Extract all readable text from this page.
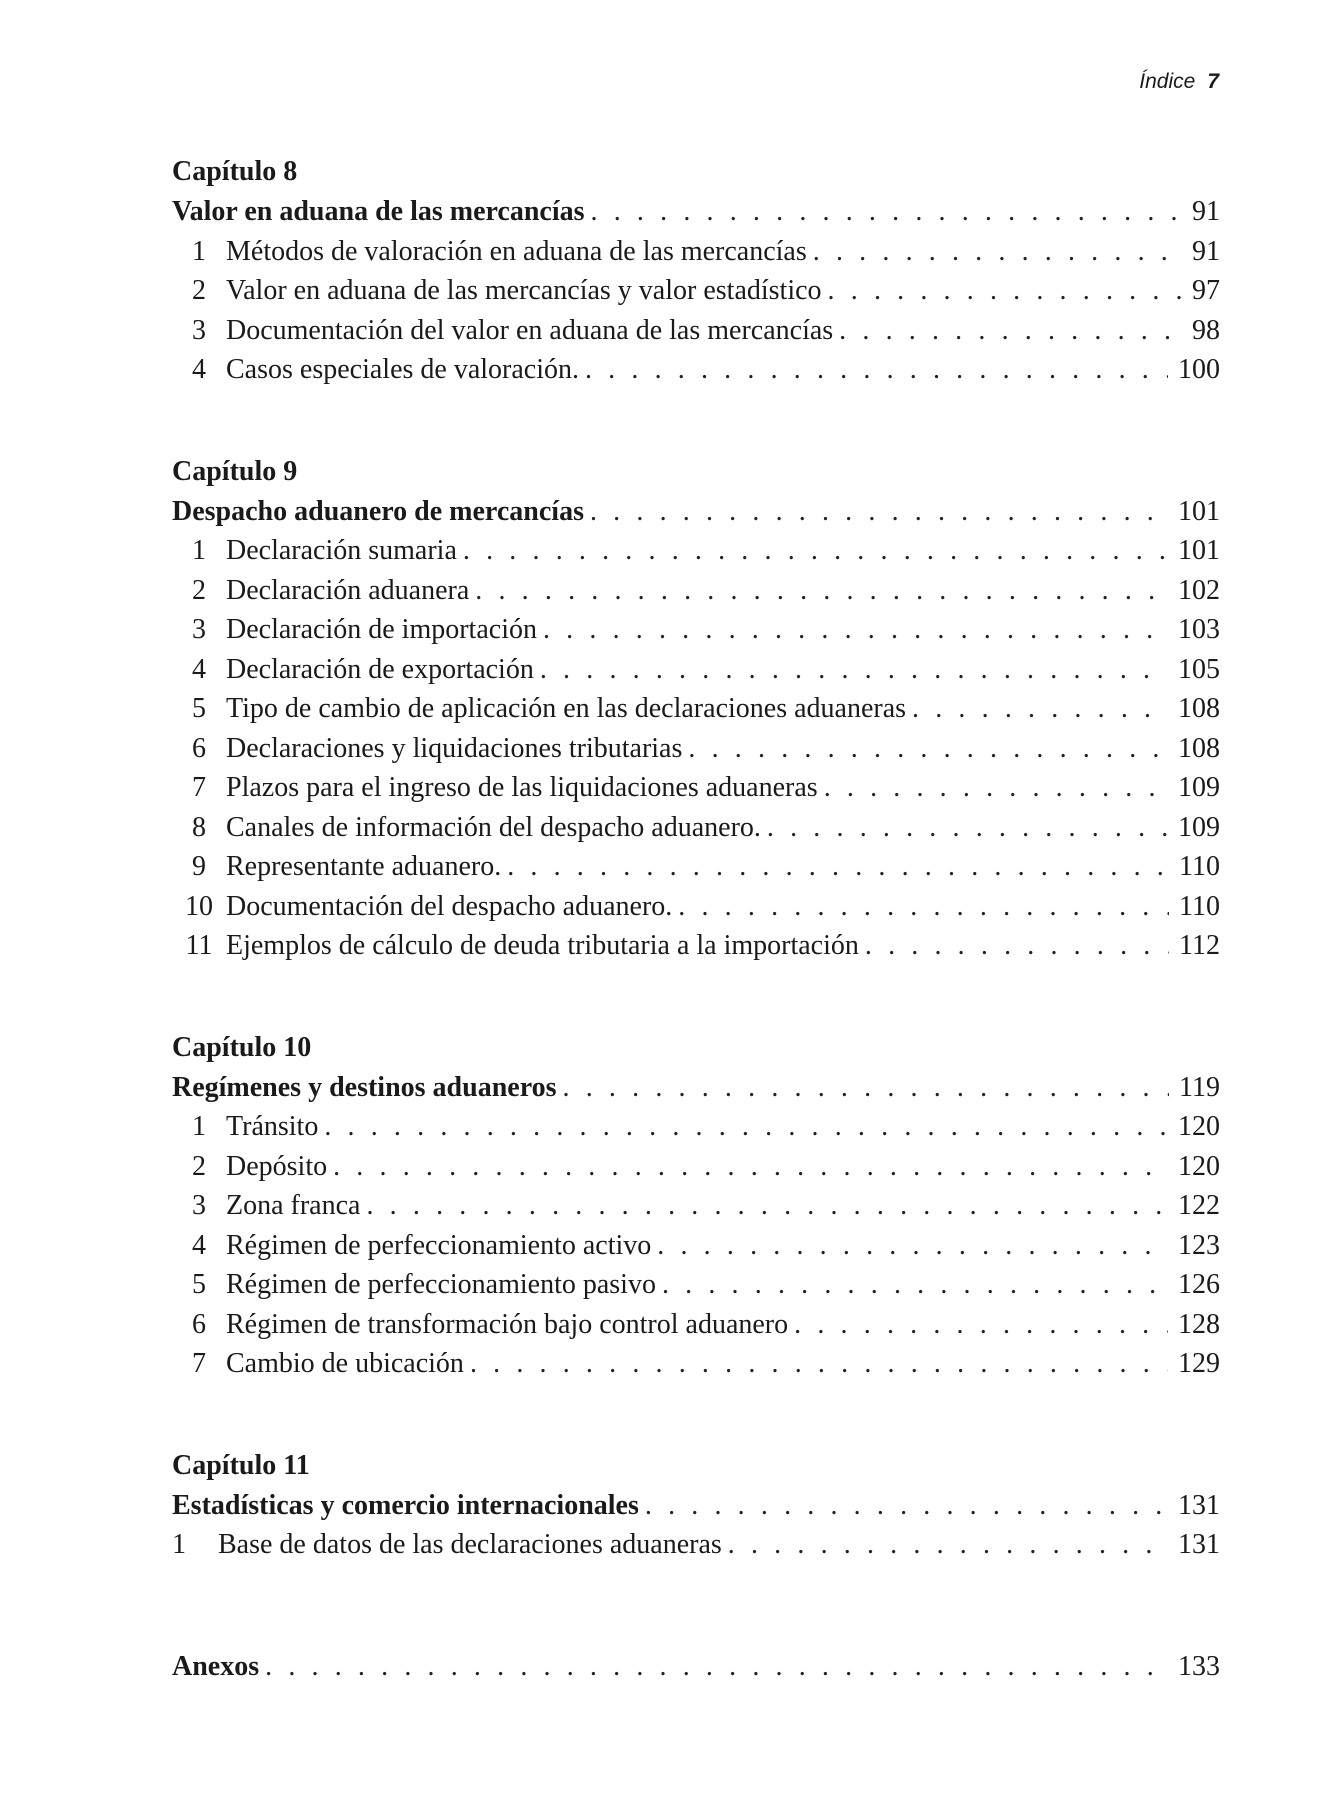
Índice 7
Capítulo 8
Valor en aduana de las mercancías . . .	91
1 Métodos de valoración en aduana de las mercancías . . .	91
2 Valor en aduana de las mercancías y valor estadístico . . .	97
3 Documentación del valor en aduana de las mercancías . . .	98
4 Casos especiales de valoración. . . .	100
Capítulo 9
Despacho aduanero de mercancías . . .	101
1 Declaración sumaria . . .	101
2 Declaración aduanera . . .	102
3 Declaración de importación . . .	103
4 Declaración de exportación . . .	105
5 Tipo de cambio de aplicación en las declaraciones aduaneras . . .	108
6 Declaraciones y liquidaciones tributarias . . .	108
7 Plazos para el ingreso de las liquidaciones aduaneras . . .	109
8 Canales de información del despacho aduanero. . . .	109
9 Representante aduanero. . . .	110
10 Documentación del despacho aduanero. . . .	110
11 Ejemplos de cálculo de deuda tributaria a la importación . . .	112
Capítulo 10
Regímenes y destinos aduaneros . . .	119
1 Tránsito . . .	120
2 Depósito . . .	120
3 Zona franca . . .	122
4 Régimen de perfeccionamiento activo . . .	123
5 Régimen de perfeccionamiento pasivo . . .	126
6 Régimen de transformación bajo control aduanero . . .	128
7 Cambio de ubicación . . .	129
Capítulo 11
Estadísticas y comercio internacionales . . .	131
1	Base de datos de las declaraciones aduaneras . . .	131
Anexos . . .	133
